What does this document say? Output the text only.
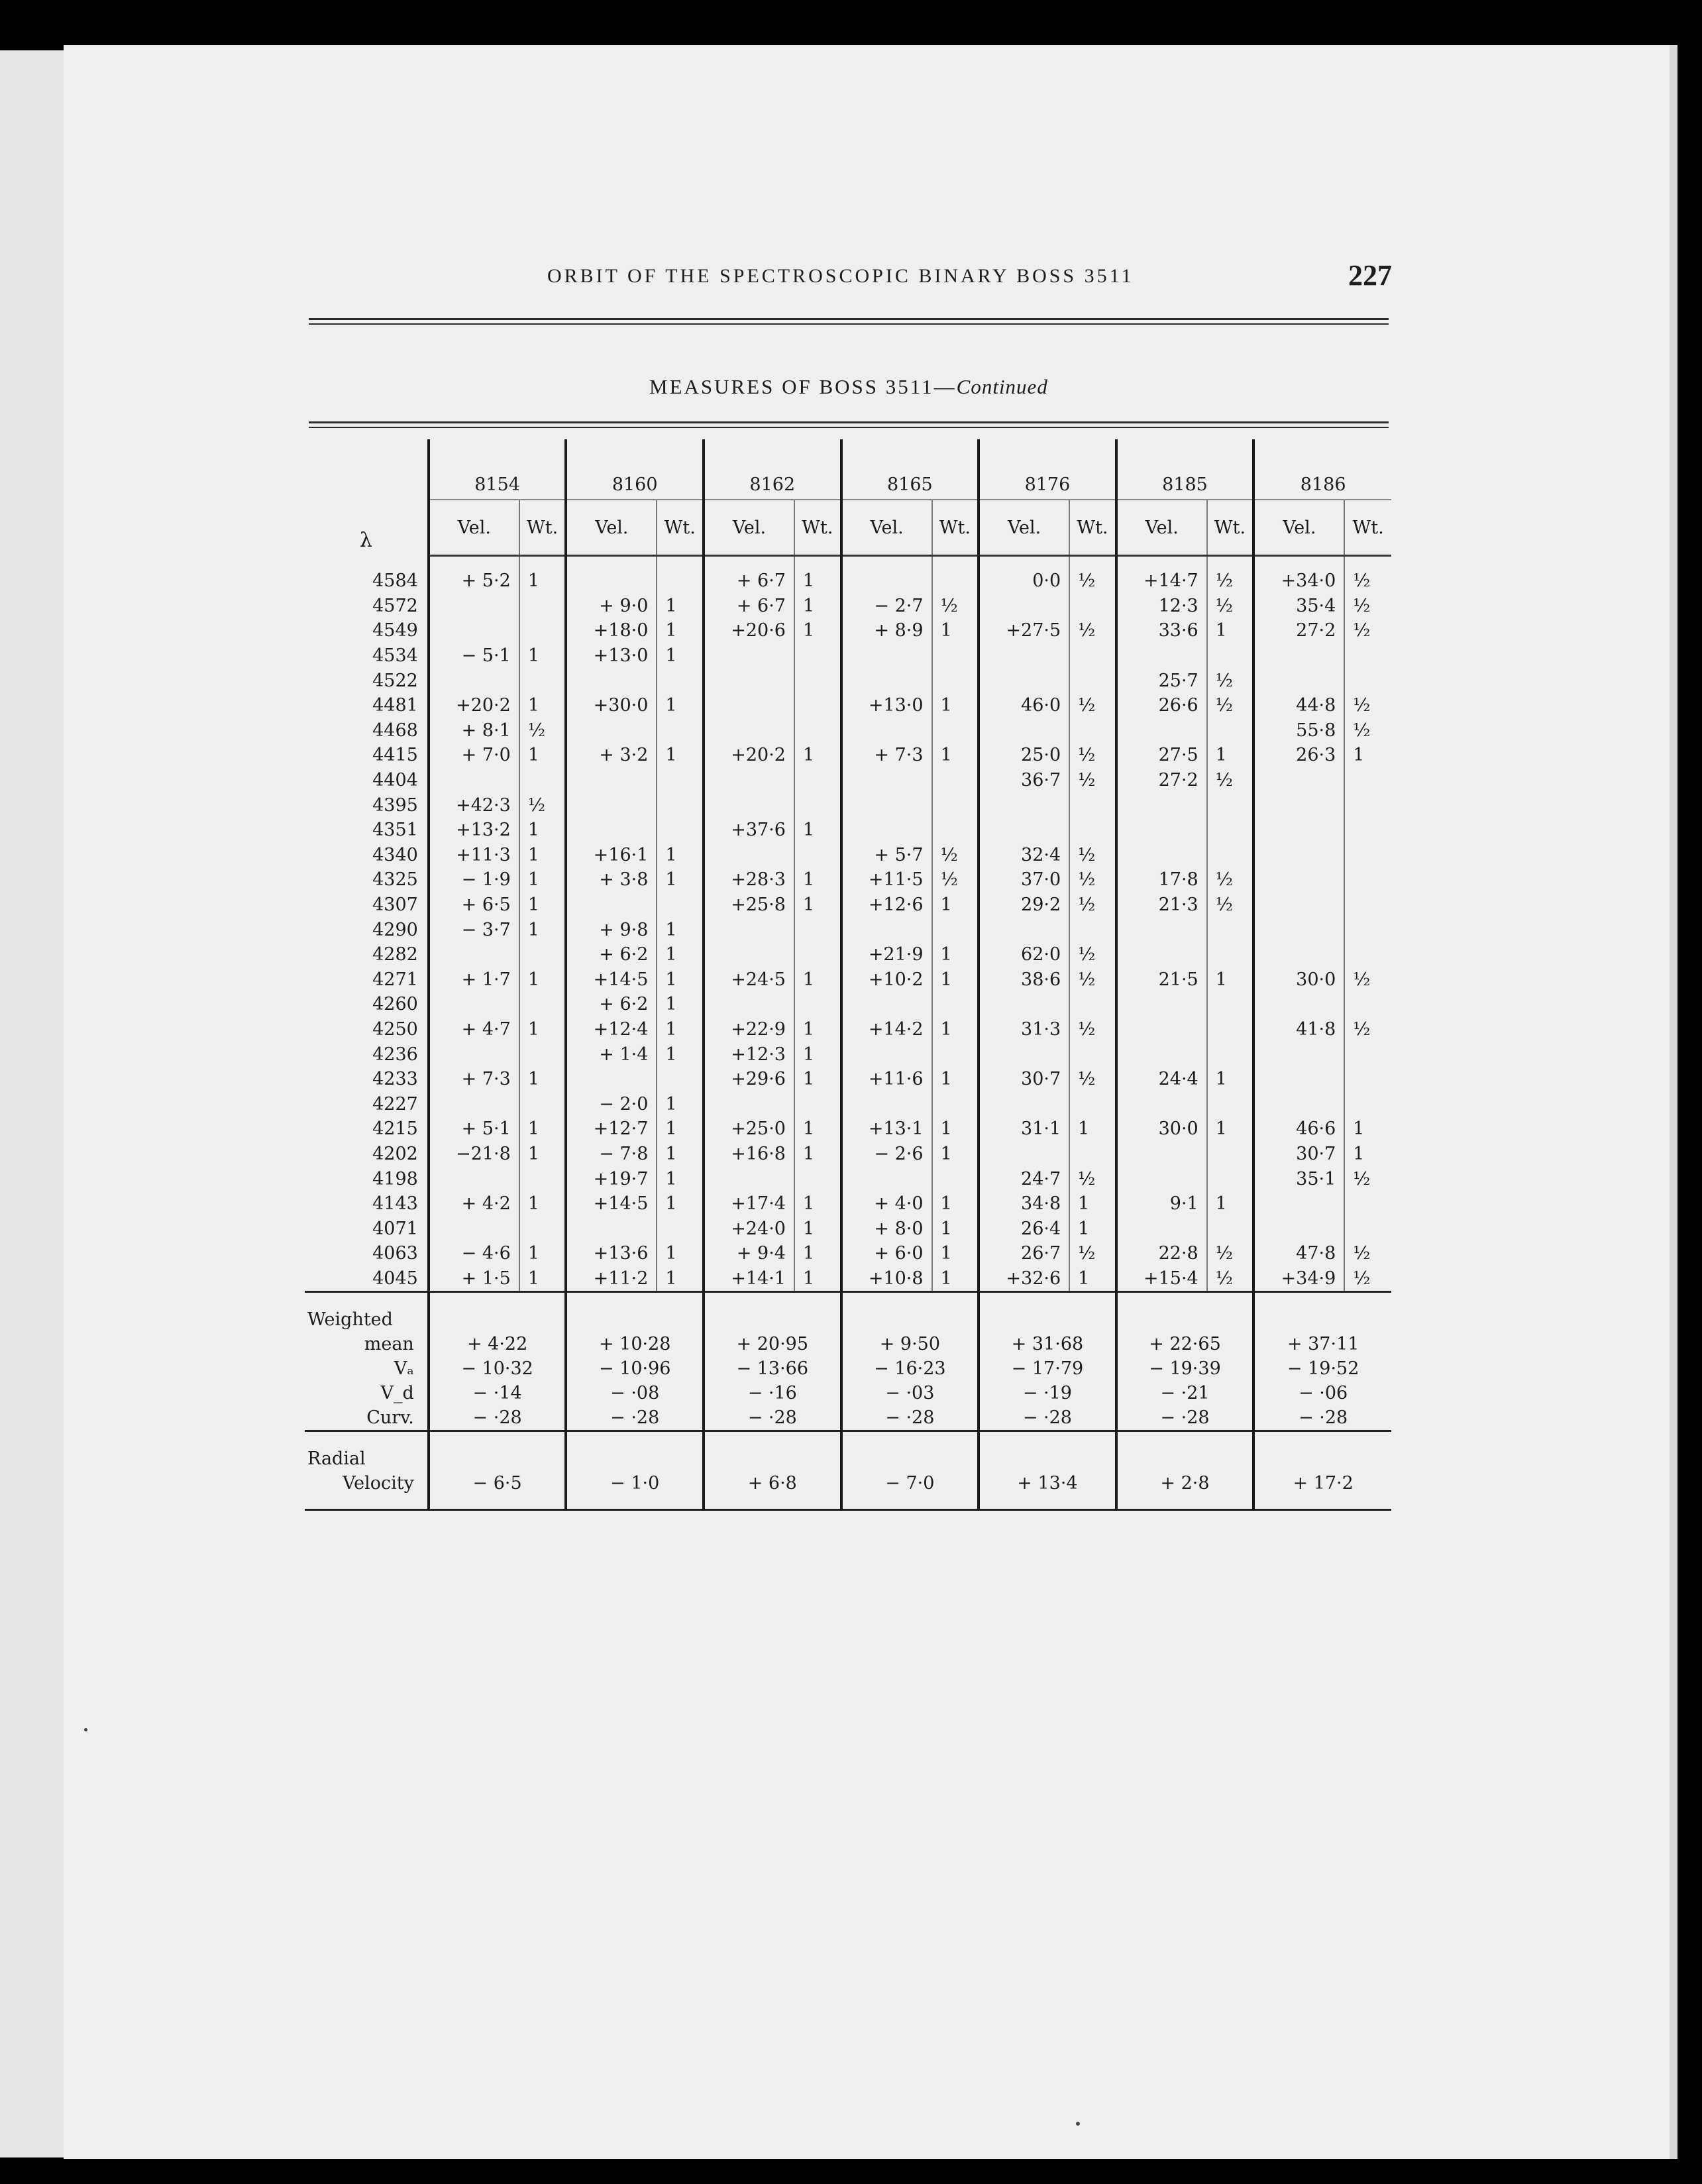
ORBIT OF THE SPECTROSCOPIC BINARY BOSS 3511	227
MEASURES OF BOSS 3511—Continued
λ	8154		8160		8162		8165		8176		8185		8186	
	Vel.	Wt.	Vel.	Wt.	Vel.	Wt.	Vel.	Wt.	Vel.	Wt.	Vel.	Wt.	Vel.	Wt.
4584	+ 5·2	1			+ 6·7	1			0·0	½	+14·7	½	+34·0	½
4572			+ 9·0	1	+ 6·7	1	− 2·7	½			12·3	½	35·4	½
4549			+18·0	1	+20·6	1	+ 8·9	1	+27·5	½	33·6	1	27·2	½
4534	− 5·1	1	+13·0	1										
4522											25·7	½		
4481	+20·2	1	+30·0	1			+13·0	1	46·0	½	26·6	½	44·8	½
4468	+ 8·1	½											55·8	½
4415	+ 7·0	1	+ 3·2	1	+20·2	1	+ 7·3	1	25·0	½	27·5	1	26·3	1
4404									36·7	½	27·2	½		
4395	+42·3	½												
4351	+13·2	1			+37·6	1								
4340	+11·3	1	+16·1	1			+ 5·7	½	32·4	½				
4325	− 1·9	1	+ 3·8	1	+28·3	1	+11·5	½	37·0	½	17·8	½		
4307	+ 6·5	1			+25·8	1	+12·6	1	29·2	½	21·3	½		
4290	− 3·7	1	+ 9·8	1										
4282			+ 6·2	1			+21·9	1	62·0	½				
4271	+ 1·7	1	+14·5	1	+24·5	1	+10·2	1	38·6	½	21·5	1	30·0	½
4260			+ 6·2	1										
4250	+ 4·7	1	+12·4	1	+22·9	1	+14·2	1	31·3	½			41·8	½
4236			+ 1·4	1	+12·3	1								
4233	+ 7·3	1			+29·6	1	+11·6	1	30·7	½	24·4	1		
4227			− 2·0	1										
4215	+ 5·1	1	+12·7	1	+25·0	1	+13·1	1	31·1	1	30·0	1	46·6	1
4202	−21·8	1	− 7·8	1	+16·8	1	− 2·6	1					30·7	1
4198			+19·7	1					24·7	½			35·1	½
4143	+ 4·2	1	+14·5	1	+17·4	1	+ 4·0	1	34·8	1	9·1	1		
4071					+24·0	1	+ 8·0	1	26·4	1				
4063	− 4·6	1	+13·6	1	+ 9·4	1	+ 6·0	1	26·7	½	22·8	½	47·8	½
4045	+ 1·5	1	+11·2	1	+14·1	1	+10·8	1	+32·6	1	+15·4	½	+34·9	½

Weighted														
mean	+ 4·22		+ 10·28		+ 20·95		+ 9·50		+ 31·68		+ 22·65		+ 37·11	
Vₐ	− 10·32		− 10·96		− 13·66		− 16·23		− 17·79		− 19·39		− 19·52	
V_d	− ·14		− ·08		− ·16		− ·03		− ·19		− ·21		− ·06	
Curv.	− ·28		− ·28		− ·28		− ·28		− ·28		− ·28		− ·28	

Radial														
Velocity	− 6·5		− 1·0		+ 6·8		− 7·0		+ 13·4		+ 2·8		+ 17·2	
